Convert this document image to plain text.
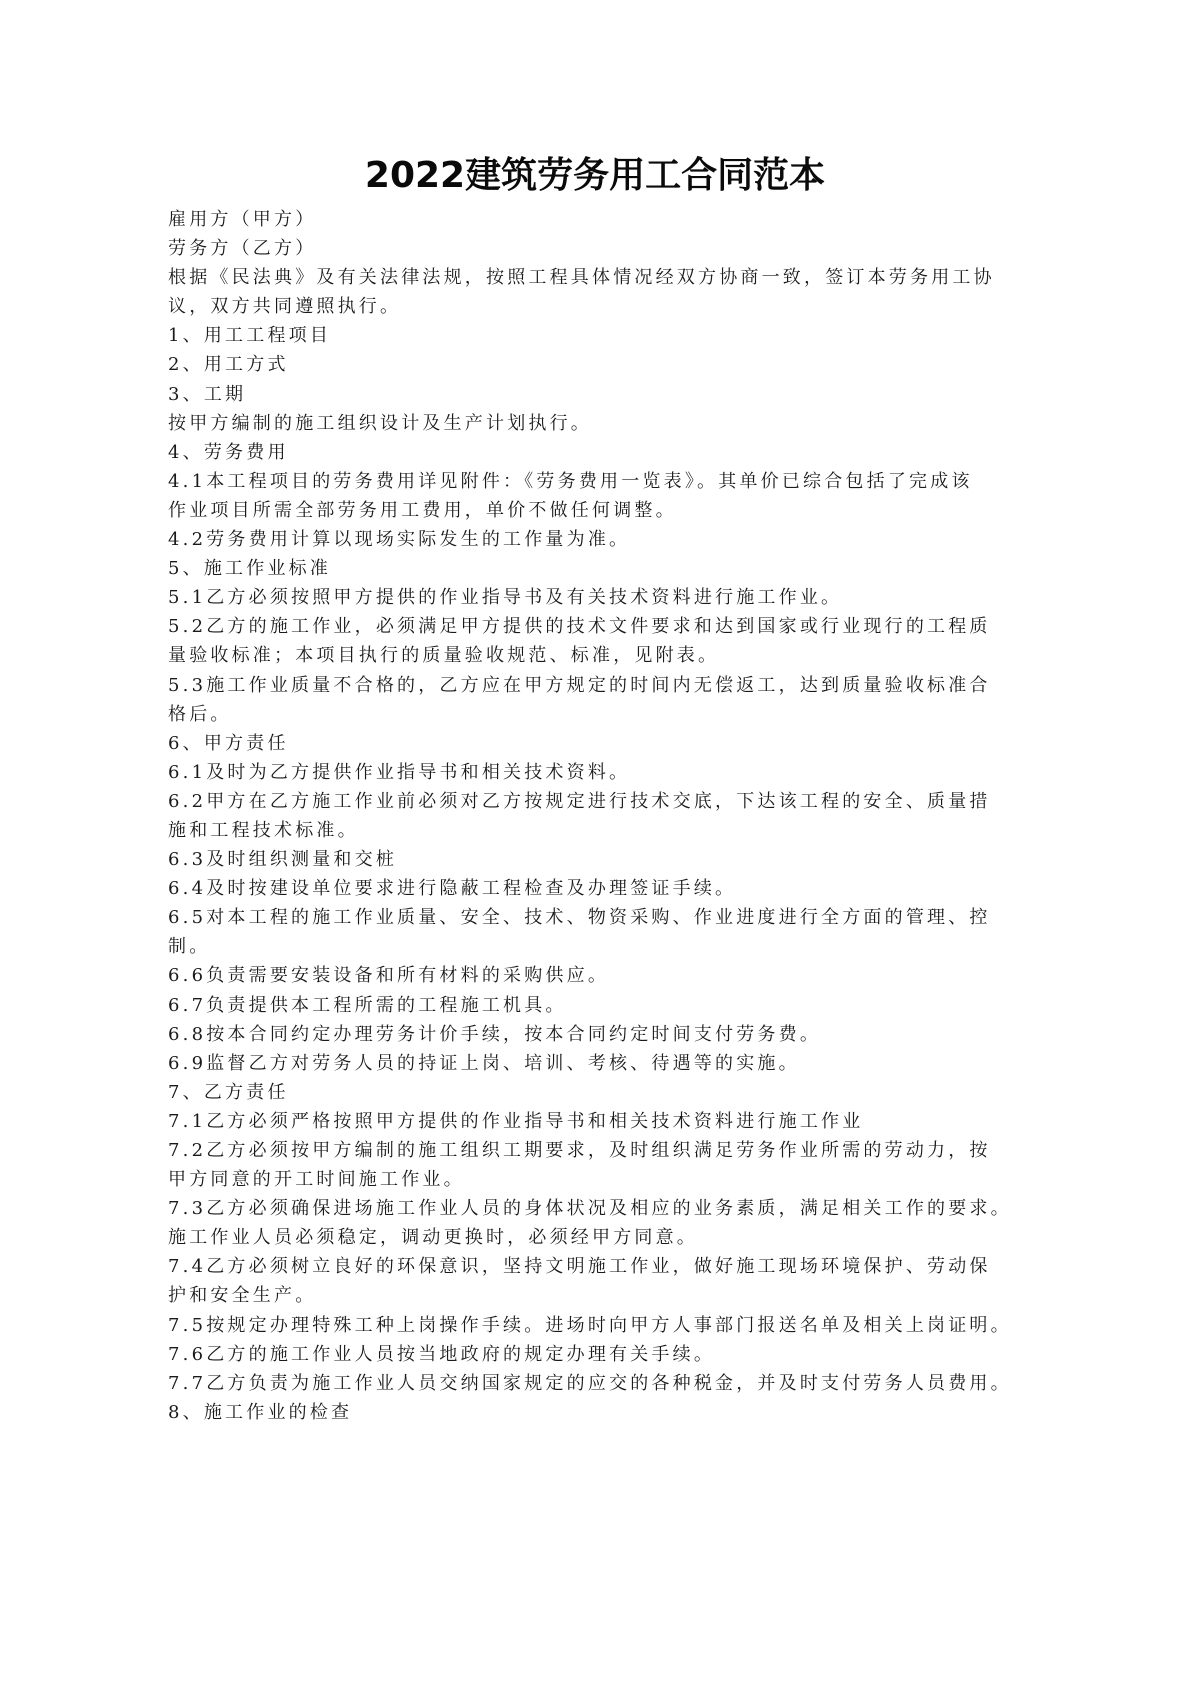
2022建筑劳务用工合同范本

雇用方（甲方）

劳务方（乙方）

根据《民法典》及有关法律法规，按照工程具体情况经双方协商一致，签订本劳务用工协

议，双方共同遵照执行。

1、用工工程项目

2、用工方式

3、工期

按甲方编制的施工组织设计及生产计划执行。

4、劳务费用

4.1本工程项目的劳务费用详见附件：《劳务费用一览表》。其单价已综合包括了完成该

作业项目所需全部劳务用工费用，单价不做任何调整。

4.2劳务费用计算以现场实际发生的工作量为准。

5、施工作业标准

5.1乙方必须按照甲方提供的作业指导书及有关技术资料进行施工作业。

5.2乙方的施工作业，必须满足甲方提供的技术文件要求和达到国家或行业现行的工程质

量验收标准；本项目执行的质量验收规范、标准，见附表。

5.3施工作业质量不合格的，乙方应在甲方规定的时间内无偿返工，达到质量验收标准合

格后。

6、甲方责任

6.1及时为乙方提供作业指导书和相关技术资料。

6.2甲方在乙方施工作业前必须对乙方按规定进行技术交底，下达该工程的安全、质量措

施和工程技术标准。

6.3及时组织测量和交桩

6.4及时按建设单位要求进行隐蔽工程检查及办理签证手续。

6.5对本工程的施工作业质量、安全、技术、物资采购、作业进度进行全方面的管理、控

制。

6.6负责需要安装设备和所有材料的采购供应。

6.7负责提供本工程所需的工程施工机具。

6.8按本合同约定办理劳务计价手续，按本合同约定时间支付劳务费。

6.9监督乙方对劳务人员的持证上岗、培训、考核、待遇等的实施。

7、乙方责任

7.1乙方必须严格按照甲方提供的作业指导书和相关技术资料进行施工作业

7.2乙方必须按甲方编制的施工组织工期要求，及时组织满足劳务作业所需的劳动力，按

甲方同意的开工时间施工作业。

7.3乙方必须确保进场施工作业人员的身体状况及相应的业务素质，满足相关工作的要求。

施工作业人员必须稳定，调动更换时，必须经甲方同意。

7.4乙方必须树立良好的环保意识，坚持文明施工作业，做好施工现场环境保护、劳动保

护和安全生产。

7.5按规定办理特殊工种上岗操作手续。进场时向甲方人事部门报送名单及相关上岗证明。

7.6乙方的施工作业人员按当地政府的规定办理有关手续。

7.7乙方负责为施工作业人员交纳国家规定的应交的各种税金，并及时支付劳务人员费用。

8、施工作业的检查
